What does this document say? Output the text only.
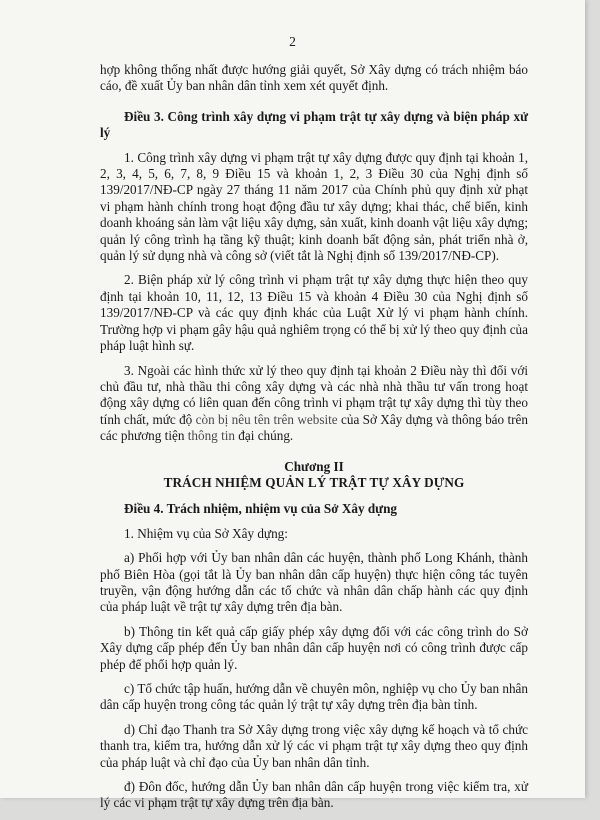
2

hợp không thống nhất được hướng giải quyết, Sở Xây dựng có trách nhiệm báo cáo, đề xuất Ủy ban nhân dân tỉnh xem xét quyết định.

Điều 3. Công trình xây dựng vi phạm trật tự xây dựng và biện pháp xử lý

1. Công trình xây dựng vi phạm trật tự xây dựng được quy định tại khoản 1, 2, 3, 4, 5, 6, 7, 8, 9 Điều 15 và khoản 1, 2, 3 Điều 30 của Nghị định số 139/2017/NĐ-CP ngày 27 tháng 11 năm 2017 của Chính phủ quy định xử phạt vi phạm hành chính trong hoạt động đầu tư xây dựng; khai thác, chế biến, kinh doanh khoáng sản làm vật liệu xây dựng, sản xuất, kinh doanh vật liệu xây dựng; quản lý công trình hạ tầng kỹ thuật; kinh doanh bất động sản, phát triển nhà ở, quản lý sử dụng nhà và công sở (viết tắt là Nghị định số 139/2017/NĐ-CP).

2. Biện pháp xử lý công trình vi phạm trật tự xây dựng thực hiện theo quy định tại khoản 10, 11, 12, 13 Điều 15 và khoản 4 Điều 30 của Nghị định số 139/2017/NĐ-CP và các quy định khác của Luật Xử lý vi phạm hành chính. Trường hợp vi phạm gây hậu quả nghiêm trọng có thể bị xử lý theo quy định của pháp luật hình sự.

3. Ngoài các hình thức xử lý theo quy định tại khoản 2 Điều này thì đối với chủ đầu tư, nhà thầu thi công xây dựng và các nhà nhà thầu tư vấn trong hoạt động xây dựng có liên quan đến công trình vi phạm trật tự xây dựng thì tùy theo tính chất, mức độ còn bị nêu tên trên website của Sở Xây dựng và thông báo trên các phương tiện thông tin đại chúng.

Chương II
TRÁCH NHIỆM QUẢN LÝ TRẬT TỰ XÂY DỰNG

Điều 4. Trách nhiệm, nhiệm vụ của Sở Xây dựng

1. Nhiệm vụ của Sở Xây dựng:

a) Phối hợp với Ủy ban nhân dân các huyện, thành phố Long Khánh, thành phố Biên Hòa (gọi tắt là Ủy ban nhân dân cấp huyện) thực hiện công tác tuyên truyền, vận động hướng dẫn các tổ chức và nhân dân chấp hành các quy định của pháp luật về trật tự xây dựng trên địa bàn.

b) Thông tin kết quả cấp giấy phép xây dựng đối với các công trình do Sở Xây dựng cấp phép đến Ủy ban nhân dân cấp huyện nơi có công trình được cấp phép để phối hợp quản lý.

c) Tổ chức tập huấn, hướng dẫn về chuyên môn, nghiệp vụ cho Ủy ban nhân dân cấp huyện trong công tác quản lý trật tự xây dựng trên địa bàn tỉnh.

d) Chỉ đạo Thanh tra Sở Xây dựng trong việc xây dựng kế hoạch và tổ chức thanh tra, kiểm tra, hướng dẫn xử lý các vi phạm trật tự xây dựng theo quy định của pháp luật và chỉ đạo của Ủy ban nhân dân tỉnh.

đ) Đôn đốc, hướng dẫn Ủy ban nhân dân cấp huyện trong việc kiểm tra, xử lý các vi phạm trật tự xây dựng trên địa bàn.
